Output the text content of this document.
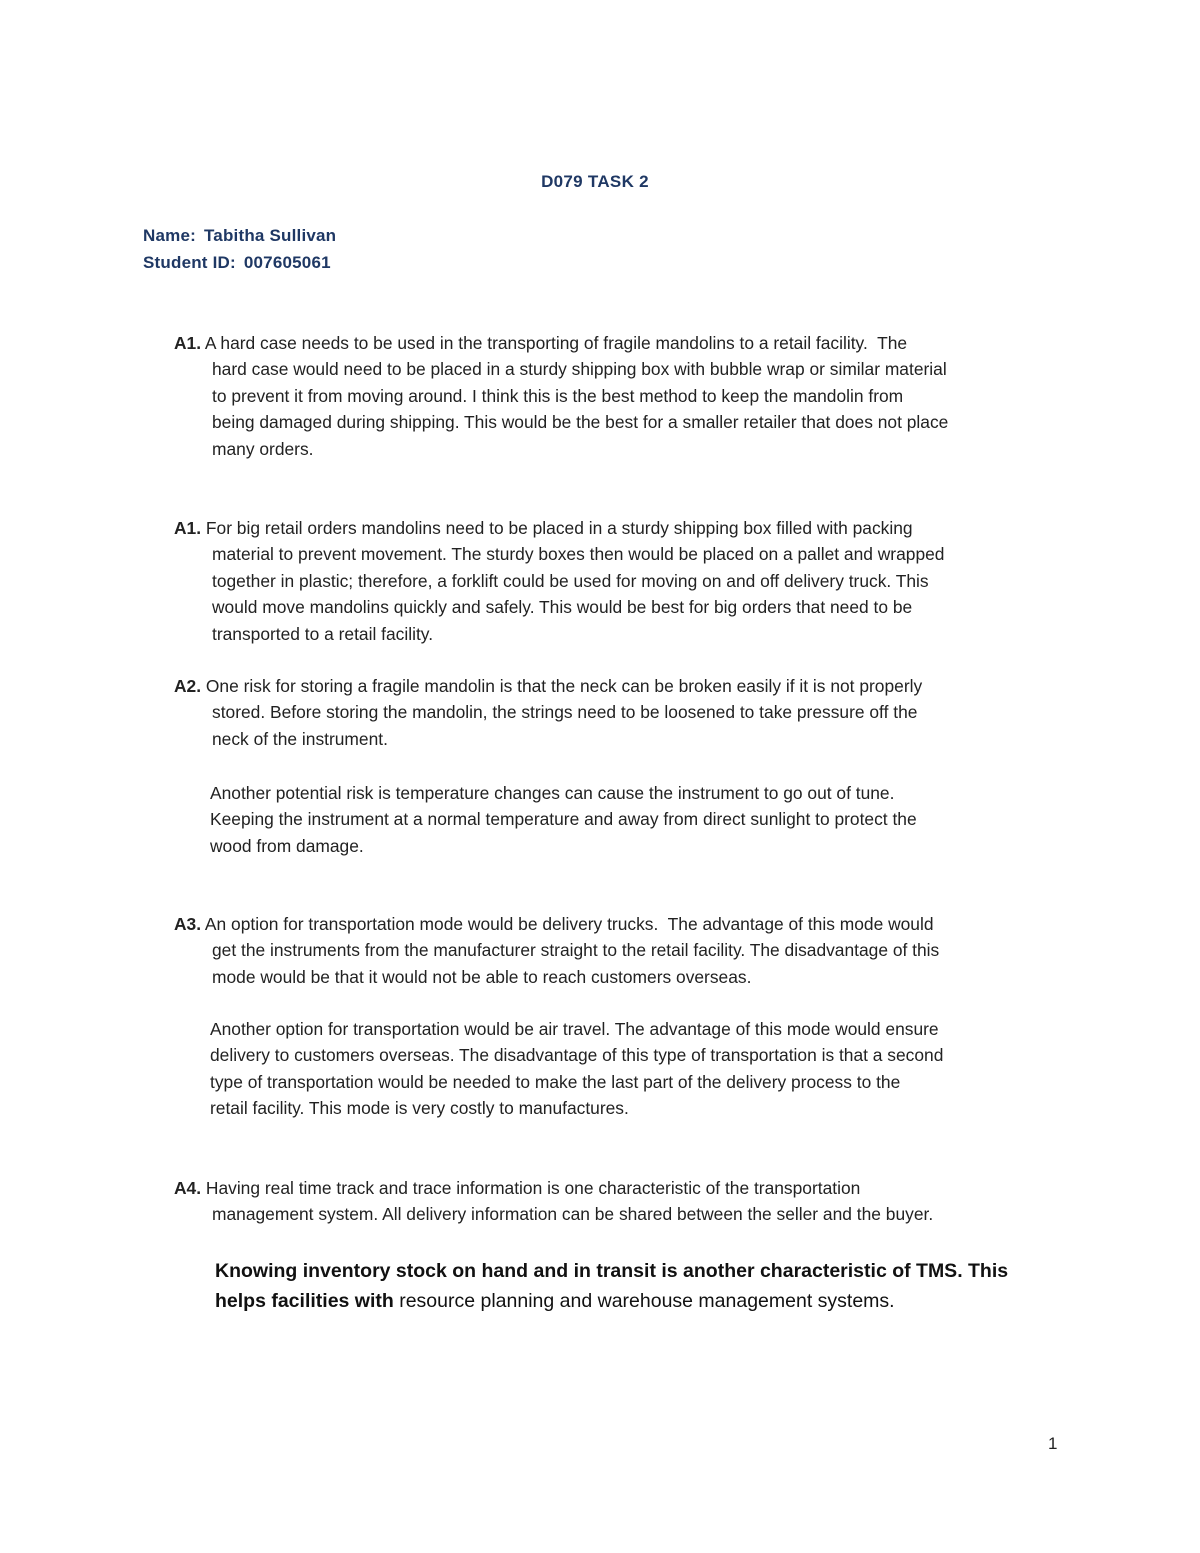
D079 TASK 2
Name: Tabitha Sullivan
Student ID: 007605061
A1. A hard case needs to be used in the transporting of fragile mandolins to a retail facility.  The
hard case would need to be placed in a sturdy shipping box with bubble wrap or similar material
to prevent it from moving around. I think this is the best method to keep the mandolin from
being damaged during shipping. This would be the best for a smaller retailer that does not place
many orders.
A1. For big retail orders mandolins need to be placed in a sturdy shipping box filled with packing
material to prevent movement. The sturdy boxes then would be placed on a pallet and wrapped
together in plastic; therefore, a forklift could be used for moving on and off delivery truck. This
would move mandolins quickly and safely. This would be best for big orders that need to be
transported to a retail facility.
A2. One risk for storing a fragile mandolin is that the neck can be broken easily if it is not properly
stored. Before storing the mandolin, the strings need to be loosened to take pressure off the
neck of the instrument.
Another potential risk is temperature changes can cause the instrument to go out of tune.
Keeping the instrument at a normal temperature and away from direct sunlight to protect the
wood from damage.
A3. An option for transportation mode would be delivery trucks.  The advantage of this mode would
get the instruments from the manufacturer straight to the retail facility. The disadvantage of this
mode would be that it would not be able to reach customers overseas.
Another option for transportation would be air travel. The advantage of this mode would ensure
delivery to customers overseas. The disadvantage of this type of transportation is that a second
type of transportation would be needed to make the last part of the delivery process to the
retail facility. This mode is very costly to manufactures.
A4. Having real time track and trace information is one characteristic of the transportation
management system. All delivery information can be shared between the seller and the buyer.
Knowing inventory stock on hand and in transit is another characteristic of TMS. This
helps facilities with resource planning and warehouse management systems.
1
